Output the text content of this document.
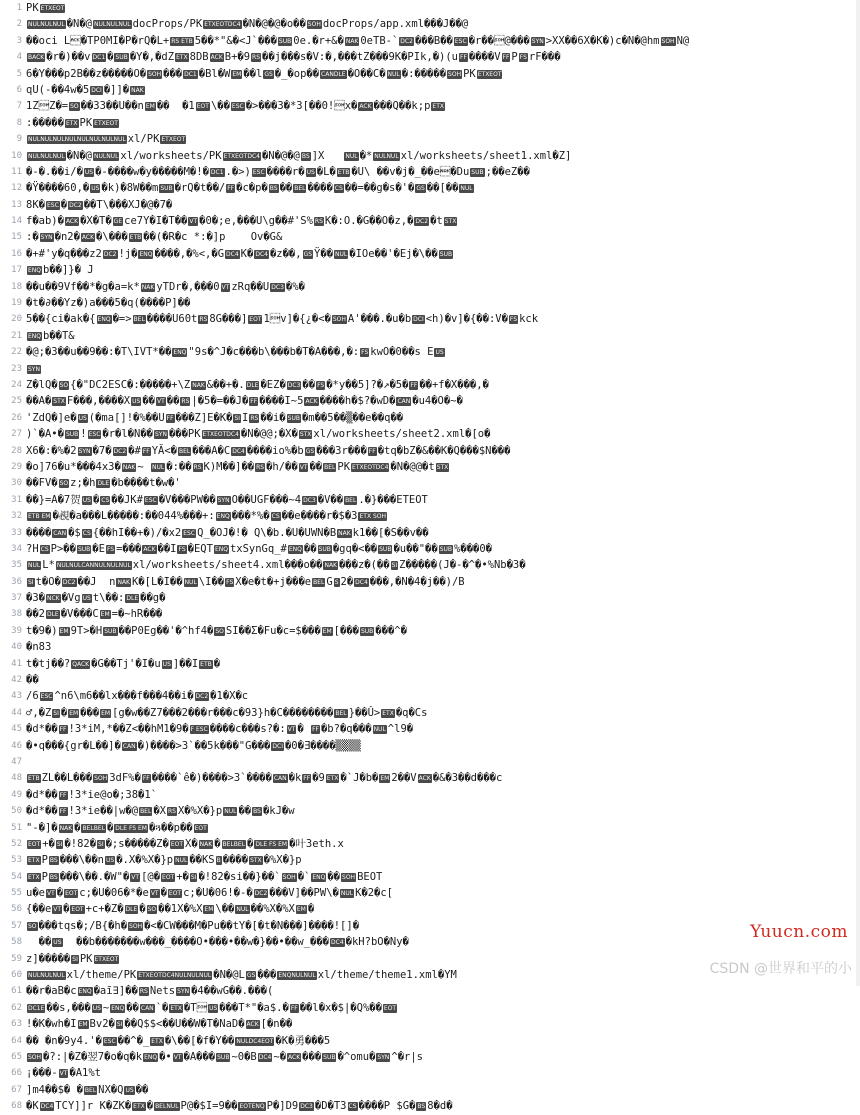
1 PK ETXEOT
2 NULNULNUL �N�@ NULNULNUL docProps/PK ETXEOTDC4 �N�@�@�o�� SOH docProps/app.xml���J��@
3 ��oci L�TP0MI�P�rQ�L+ RS ETB 5��*"&�<J`��� SUB 0e.�r+&� NAK 0eTB-` DC2 ���B�� ESC �r��@��� SYN >XX��6X�K�)c�N�@hm SOH N@
4 BACK �r�)��v DC1 � SUB �Y�,�dZ ETX 8DB ACK B+�9 RS ��j���s�V:�,���tZ���9K�PIk,�)(u FF ����V FF P FS rF���
5 6�Y���p2B��z�����O� SOH ��� DC1 �Bl�W EM ��l GS �_�op�� CANDLE �O��C� NUL �:����� SOH PK ETXEOT
6 qU(-��4w�5 DCI �]]� NAK
7 1ZZ�= SO ��33��U��n EM ��  �1 EOT \�� ESC �>���3�*3[��0!x� ACK ���Q��k;p ETX
8 :����� ETX PK ETXEOT
9 NULNULNULNULNULNULNULNUL xl/PK ETXEOT
10 NULNULNUL �N�@ NULNUL xl/worksheets/PK ETXEOTDC4 �N�@�@ BS ]X   NUL �* NULNUL xl/worksheets/sheet1.xml�Z]
11 �-�.��i/� US �-����w�y�����M�!� DC1 .�>) ESC ����r� US �L� ETB �U\ ��v�j�_��e�Du SUB ;��eZ��
12 �Ÿ����60,� US �k)�8W��m SUB �rQ�t��/ FF �c�p� BS �� BEL ���� CS ��=��g�s�'� GS ��[�� NUL
13 8K� ESC � DC2 ��T\���XJ�@�7�
14 f�ab)� ACK �X�T� GE ce7Y�I�T�� VT �0�;e,���U\g��#'S% RS K�:O.�G��O�z,� DC2 �t STX
15 :� SYN �n2� ACK �\��� ETB ��(�R�c *:�]p    Ov�G&
16 �+#'y�q���z2 DC2 !j� ENQ ����,�%<,�G DC4 K� DC4 �z��, GS Ÿ�� NUL �IOe��'�Ej�\�� SUB
17 ENQ b��]}� J
18 ��u��9Vf��*�g�a=k* NAK yTDr�,���0 VT zRq��U DC3 �%�
19 �t�∂��Yz�)a���5�q(����P]��
20 5��{ci�ak�{ ENQ �=> BEL ����U60t RS 8G���] EOT 1v]�{¿�<� SOH A'���.�u�b DCI <h)�v]�{��:V� FS kck
21 ENQ b��T&
22 �@;�3��u��9��:�T\IVT*�� ENQ "9s�^J�c���b\���b�T�A���,�: FS kwO�0��s E US
23 SYN
24 Z�lQ� SO {�"DC2ESC�:�����+\Z NAK &��+�. DLE �EZ� DC3 �� FS �*y��5]?�↗�5� FF ��+f�X���,�
25 ��A� STX F���,����X US �� VT �� RS |�5�=��J� FF ����I~5 ACK ����h�$?�wD� CAN �u4�O�~�
26 'ZdQ�]e� US (�ma[]!�%��U FF ���Z]E�K� SI I RS ��i� SUB �m��5��▒��e��q��
27 )`�A•� SUB ! ESC �r�l�N�� SYN ���PK ETXEOTDC4 �N�@@;�X� STX xl/worksheets/sheet2.xml�[o�
28 X6�:�%�2 SYN �7� DC2 �# FF YĂ<� BEL ���A�C DC4 ����io%�b GS ���3r��� FF �tq�bZ�&��K�Q���$N���
29 �o]76�u*���4x3� NAK ~ NUL �:�� RS K)M��]�� RS �h/�� VT �� BEL PK ETXEOTDC4 �N�@@�t STX
30 ��FV� SO z;�h DLE �b����t�w�'
31 ��}=A�7贺 US � CS ��JK# ESC �V���PW�� SYN O��UGF���~4 DC3 �V�� BEL .�}���ETEOT
32 ETB EM �覕�a���L�����:��044%���+: ENQ ���*%� CS ��e����r�$�3 ETX SOH
33 ���� CAN �$ CS {��hI��+�)/�x2 ESC Q_�OJ�!� Q\�b.�U�UWN�B NAK k1��[�S��v��
34 ?H CS P>�� SUB �E FS =��� ACK ��I FS �EQT ENQ txSynGq_# ENQ �� SUB �gq�<�� SUB �u��"�� SUB %���0�
35 NUL L* NULNULCANNULNULNUL xl/worksheets/sheet4.xml���o�� NAK ���z�(�� SI Z�����(J�-�^�•%Nb�3�
36 SI t�O� DC2 ��J  n NAK K�[L�I�� NUL \I�� FS X�e�t�+j���e BEL G S 2� DC4 ���,�N�4�j��)/B
37 �3� NCK �Vg US t\��: DLE ��g�
38 ��2 DLE �V���C EM =�~hR���
39 t�9�) EM 9T>�H SUB ��P0Eg��'�^hf4� SO SI��Σ�Fu�c=$��� EM [��� SUB ���^�
40 �n83
41 t�tj��? QACK �G��Tj'�I�u US ]��I ETB �
42 ��
43 /6 ESC ^n6\m6��lx���f���4��i� DC2 �1�X�c
44 ♂,�Z SI � EM ��� EM [g�w��Z7���2���r���c�93}h�C�������� BEL }��Û> ETX �q�Cs
45 �d*�� FF !3*iM,*��Z<��hM1�9� F ESC ����c���s?�: VT � FF �b?�q��� NUL ^l9�
46 �•q���{gr�L��]� CAN �)����>3`��5k���"G��� DCI �0�Ǝ����▒▒▒▒
47
48 ETB ZL��L��� SOH 3dF%� FF ����`ê�)����>3`���� CAN �k FF �9 ETX �`J�b� EM 2��V ACK �&�3��d���c
49 �d*�� FF !3*ie@o�;38�1`
50 �d*�� FF !3*ie��|w�@ BEL �X RS X�%X�}p NUL �� BS �kJ�w
51 "-�]� NAK � BELBEL � DLE FS EM �ጓ��p�� EOT
52 EOT +� SI �!82� SI �;s�����Z� EOT X� NAK � BELBEL � DLE FS EM �叶3eth.x
53 ETX P BS ���\��n US �.X�%X�}p NUL ��KS B ���� STX �%X�}p
54 ETX P BS ���\��.�W"� VT [@� EOT +� SI �!82�si��}��` SOH �` ENQ �� SOH BEOT
55 u�e VT � EOT c;�U�06�*�e VT � EOT c;�U�06!�-� DC2 ���V]��PW\� NUL K�2�c[
56 {��e VT � EOT +c+�Z� DLE � SO ��1X�%X EM \�� NUL ��%X�%X EM �
57 SO ���tqs�;/B{�h� SOH �<�CW���M�Pu��tY�[�t�N���]����![]�
58  �� US  ��b�������w���_����O•���•��w�}��•��w_��� DC4 �kH?bO�Ny�
59 z]����� SI PK ETXEOT
60 NULNULNUL xl/theme/PK ETXEOTDC4NULNULNUL �N�@L GS ��� ENQNULNUL xl/theme/theme1.xml�YM
61 ��r�aB�c ENQ �aĩ∃]�� RS Nets SYN �4��wG��.���(
62 DC1E ��s,��� US ~ ENQ �� CAN `� ETX �T US ���T*"�a$.� FF ��l�x�$|�Q%�� EOT
63 !�K�wh�I EM Bv2� SI ��Q$$<��U��W�T�NaD� ACK [�n��
64 �� �n�9y4.'� ESC ��^�_ ETX �\��[�f�Y�� NULDC4EOT �K�勇���5
65 SOH �?:|�Z�翌7�o�q�k ENQ �• VT �A��� SUB ~0�B DC4 ~� ACK ��� SUB �^omu� SYN ^�r|s
66 ¡���- VT �A1%t
67 ]m4��$� � BEL NX�Q US ��
68 �K DC4 TCY]]r K�ZK� ETX � BELNUL P@�$I=9�� EOTENQ P�]D9 DC3 �D�T3 CS ����P $G� BS 8�d�
Yuucn.com
CSDN @世界和平的小
